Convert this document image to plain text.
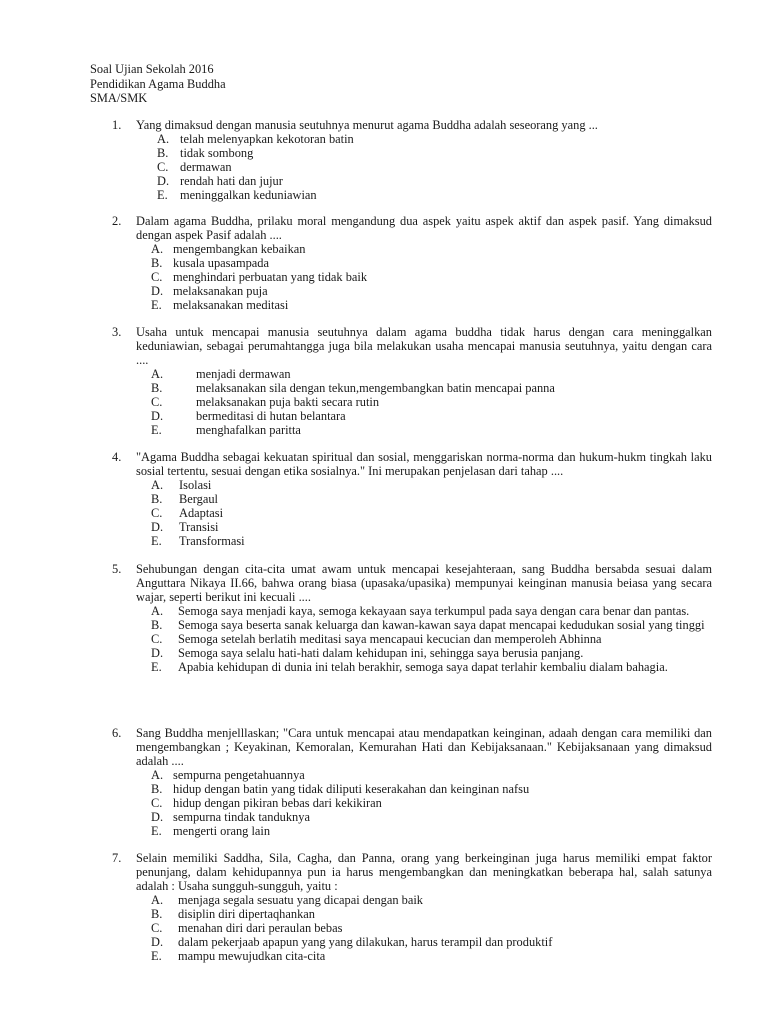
Soal Ujian Sekolah 2016
Pendidikan Agama Buddha
SMA/SMK
1.	Yang dimaksud dengan manusia seutuhnya menurut agama Buddha adalah seseorang yang ...
A. telah melenyapkan kekotoran batin
B. tidak sombong
C. dermawan
D. rendah hati dan jujur
E. meninggalkan keduniawian
2.	Dalam agama Buddha, prilaku moral mengandung dua aspek yaitu aspek aktif dan aspek pasif. Yang dimaksud dengan aspek Pasif adalah ....
A. mengembangkan kebaikan
B. kusala upasampada
C. menghindari perbuatan yang tidak baik
D. melaksanakan puja
E. melaksanakan meditasi
3.	Usaha untuk mencapai manusia seutuhnya dalam agama buddha tidak harus dengan cara meninggalkan keduniawian, sebagai perumahtangga juga bila melakukan usaha mencapai manusia seutuhnya, yaitu dengan cara ....
A.	menjadi dermawan
B.	melaksanakan sila dengan tekun,mengembangkan batin mencapai panna
C.	melaksanakan puja bakti secara rutin
D.	bermeditasi di hutan belantara
E.	menghafalkan paritta
4.	"Agama Buddha sebagai kekuatan spiritual dan sosial, menggariskan norma-norma dan hukum-hukm tingkah laku sosial tertentu, sesuai dengan etika sosialnya." Ini merupakan penjelasan dari tahap ....
A. Isolasi
B. Bergaul
C. Adaptasi
D. Transisi
E. Transformasi
5.	Sehubungan dengan cita-cita umat awam untuk mencapai kesejahteraan, sang Buddha bersabda sesuai dalam Anguttara Nikaya II.66, bahwa orang biasa (upasaka/upasika) mempunyai keinginan manusia beiasa yang secara wajar, seperti berikut ini kecuali ....
A. Semoga saya menjadi kaya, semoga kekayaan saya terkumpul pada saya dengan cara benar dan pantas.
B. Semoga saya beserta sanak keluarga dan kawan-kawan saya dapat mencapai kedudukan sosial yang tinggi
C. Semoga setelah berlatih meditasi saya mencapaui kecucian dan memperoleh Abhinna
D. Semoga saya selalu hati-hati dalam kehidupan ini, sehingga saya berusia panjang.
E. Apabia kehidupan di dunia ini telah berakhir, semoga saya dapat terlahir kembaliu dialam bahagia.
6.	Sang Buddha menjelllaskan; "Cara untuk mencapai atau mendapatkan keinginan, adaah dengan cara memiliki dan mengembangkan ; Keyakinan, Kemoralan, Kemurahan Hati dan Kebijaksanaan." Kebijaksanaan yang dimaksud adalah ....
A. sempurna pengetahuannya
B. hidup dengan batin yang tidak diliputi keserakahan dan keinginan nafsu
C. hidup dengan pikiran bebas dari kekikiran
D. sempurna tindak tanduknya
E. mengerti orang lain
7.	Selain memiliki Saddha, Sila, Cagha, dan Panna, orang yang berkeinginan juga harus memiliki empat faktor penunjang, dalam kehidupannya pun ia harus mengembangkan dan meningkatkan beberapa hal, salah satunya adalah : Usaha sungguh-sungguh, yaitu :
A. menjaga segala sesuatu yang dicapai dengan baik
B. disiplin diri dipertaqhankan
C. menahan diri dari peraulan bebas
D. dalam pekerjaab apapun yang yang dilakukan, harus terampil dan produktif
E. mampu mewujudkan cita-cita
